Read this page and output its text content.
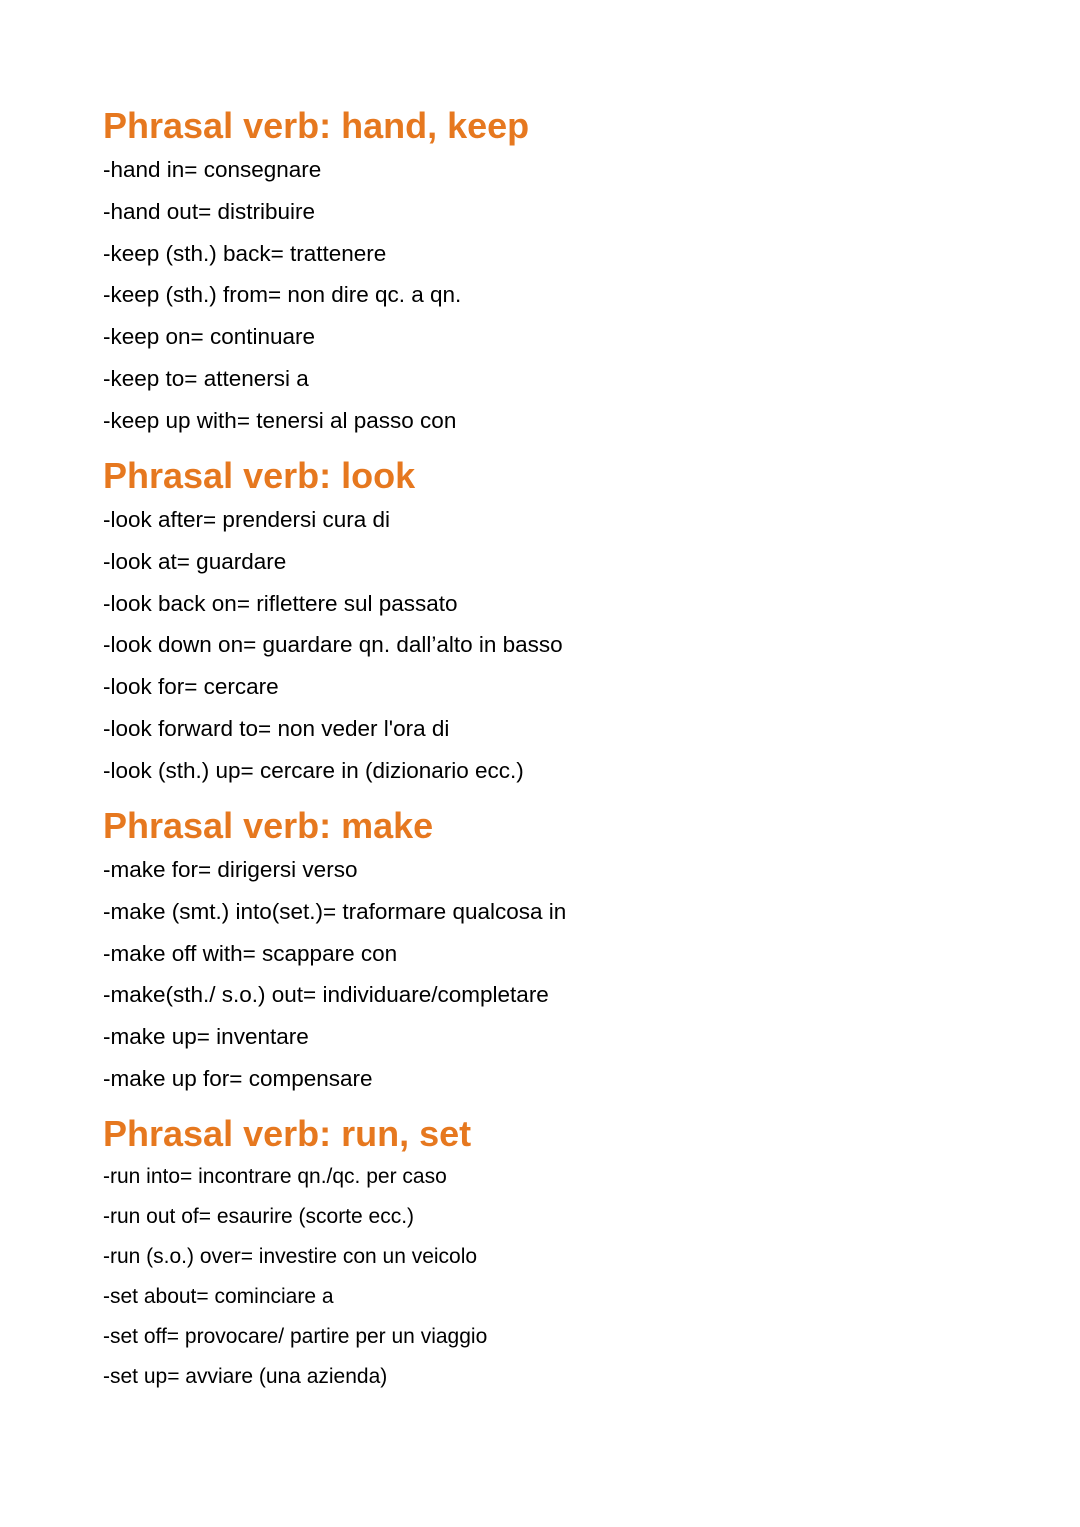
Phrasal verb: hand, keep
-hand in= consegnare
-hand out= distribuire
-keep (sth.) back= trattenere
-keep (sth.) from= non dire qc. a qn.
-keep on= continuare
-keep to= attenersi a
-keep up with= tenersi al passo con
Phrasal verb: look
-look after= prendersi cura di
-look at= guardare
-look back on= riflettere sul passato
-look down on= guardare qn. dall’alto in basso
-look for= cercare
-look forward to= non veder l'ora di
-look (sth.) up= cercare in (dizionario ecc.)
Phrasal verb: make
-make for= dirigersi verso
-make (smt.) into(set.)= traformare qualcosa in
-make off with= scappare con
-make(sth./ s.o.) out= individuare/completare
-make up= inventare
-make up for= compensare
Phrasal verb: run, set
-run into= incontrare qn./qc. per caso
-run out of= esaurire (scorte ecc.)
-run (s.o.) over= investire con un veicolo
-set about= cominciare a
-set off= provocare/ partire per un viaggio
-set up= avviare (una azienda)
